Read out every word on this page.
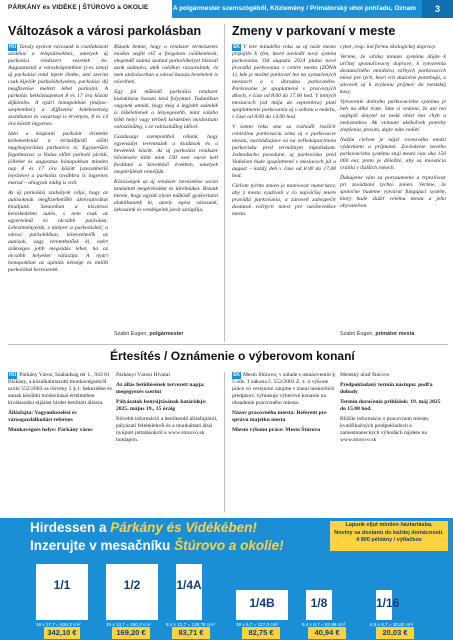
PÁRKÁNY és VIDÉKE | ŠTÚROVO a OKOLIE	A polgármester szemszögéből, Közlemény / Primátorský uhol pohľadu, Oznam	3
Változások a városi parkolásban

HU Tavaly nyáron városunk is csatlakozott azokhoz a településekhez, amelyek új parkolási rendszert vezettek be. Augusztustól a városközpontban (i-es zóna) új parkolási rend lépett életbe, ami szerint csak kijelölt parkolóhelyeken, parkolási díj megfizetése mellett lehet parkolni. A parkolás hétköznapokon 8 és 17 óra között díjköteles. A nyári hónapokban (május–szeptember) a díjfizetési kötelezettség szombaton és vasárnap is érvényes, 8 és 14 óra között ingyenes.

Idén a központi parkolót érintette kellemetlenül a termálfürdő előtti nagykapacitású parkolóra is. Egyszerűen fogalmazva: a Vadas előtti parkoló járóút, jóllehet és augusztus hónapokban minden nap 8 és 17 óra között (szezonberlő lejelzése) a parkolás továbbra is ingyenes marad – ahogyan eddig is volt.

Az új parkolási szabályok célja, hogy az autósoknak megfizethetőbb alternatívákat kínáljunk. Szezonban a kisvárosi kereskedelmi autós, s nem csak az egyértelmű és olcsóbb parkolást. Létesítményeink, s kilépve a parkolásból, a városi parkolókban, kinevezhetők az autósok, vagy teremthetőek ki, ezért szükséges jobb megoldás lehet, ha az olcsóbb helyeket választja. A nyári hónapokban az ajánlás kétsége és mitőtt parkolókat keressenek.

Bízunk benne, hogy a rendszer természetes módon segíti elő a forgalom csökkentését, elegendő számú szabad parkolóhelyet biztosít azok számára, akik valóban rászorulnak, és nem utolsósorban a városi kassza bevételeit is növelheti.

Egy jól működő parkolási rendszer kialakítása hosszú távú folyamat. Tudatában vagyunk annak, hogy még a legjobb szándék is tökéletlenek a lényegesebb, mint valaha több helyi vagy térbeli kérdésben módosítani valószínűleg, s ez valószínűleg idővel.

Gazdasági szempontból célunk, hogy egyensúlyt teremtsünk a kiadások és a bevételek között. Az új parkolási rendszer bővítésére több mint 150 ezer eurót kell fordítani a következő években, amelyek megtérülését reméljük.

Közösségek az új rendszer bevezetése során tanúsított megértésüket és türelmüket. Bízunk benne, hogy együtt olyan működő gyakorlatot alakíthatunk ki, amely egész városunk, lakosaink és vendégeink javát szolgálja.

Szabó Eugen, polgármester
Zmeny v parkovaní v meste

SK V lete minulého roka sa aj naše mesto pripojilo k tým, ktoré zaviedli nový systém parkovania. Od augusta 2024 platia nové pravidlá parkovania v centre mesta (ZÓNA 1), kde je možné parkovať len na vyznačených miestach a s úhradou parkovného. Parkovanie je spoplatnené v pracovných dňoch, v čase od 8.00 do 17.00 hod. V letných mesiacoch (od mája do septembra) platí spoplatnenie parkovania aj v sobotu a nedeľu, v čase od 8.00 do 14.00 hod.

V tomto roku sme sa rozhodli rozšíriť centrálnu parkovaciu zónu aj o parkovacie miesta, nachádzajúce sa na veľkokapacitnom parkovisku pred termálnym kúpaliskom. Jednoducho povedané, aj parkovisko pred Vadašom bude spoplatnené v mesiacoch júl a august – každý deň v čase od 8.00 do 17.00 hod.

Cieľom týchto zmien je motivovať motoristov, aby z mesta využívali v čo najväčšej miere pravidlá parkovania, a zároveň zabezpečiť dostatok voľných miest pre návštevníkov mesta.

cykel, resp. iná forma ekologickej dopravy.

Veríme, že vďaka tomuto systému dôjde k určitej spomaľovacej doprave, k vytvoreniu dostatočného množstva voľných parkovacích miest pre tých, ktorí ich skutočne potrebujú, a zároveň aj k zvýšeniu príjmov do mestskej kasy.

Vytvorenie dobrého parkovacieho systému je beh na dlhé trate. Sme si vedomí, že ani ten najlepší úmysel sa nedá obísť bez chýb a nedostatkov. Ak vnímate akékoľvek potreby zlepšenia, prosím, dajte nám vedieť.

Naším cieľom je nájsť rovnováhu medzi výdavkami a príjmami. Zaviedenie nového parkovacieho systému stojí mesto viac ako 150 000 eur, preto je dôležité, aby sa investícia vrátila v ďalších rokoch.

Ďakujeme vám za porozumenie a trpezlivosť pri zavádzaní týchto zmien. Veríme, že spoločne budeme vytvárať fungujúci systém, ktorý bude slúžiť celému mestu a jeho obyvateľom.

Szabó Eugen, primátor mesta
Értesítés / Oznámenie o výberovom konaní

HU Párkány Város, Szabadság tér 1., 943 01 Párkány, a közalkalmazotti munkavégzésről szóló 552/2003-as törvény 5 § 1. bekezdése és annak későbbi módosításai értelmében kiválasztási eljárást hirdet betöltött állásra.

Állásfajta: Vagyonkezelési és városgazdálkodási referens

Munkavégzés helye: Párkány város

Párkányi Városi Hivatal

Az állás betöltésének tervezett napja: megegyezés szerint

Pályázatok benyújtásának határideje: 2025. május 19., 15 óráig

Bővebb információ a betöltendő állásfajtáról, pályázati feltételekről és a munkáltató által nyújtott juttatásokról a www.sturovo.sk honlapon.

SK Mesto Štúrovo, v súlade s ustanovením § 5 ods. 1 zákona č. 552/2003 Z. z. o výkone práce vo verejnom záujme v znení neskorších predpisov, vyhlasuje výberové konanie na obsadenie pracovného miesta.

Názov pracovného miesta: Referent pre správu majetku mesta

Miesto výkonu práce: Mesto Štúrovo

Mestský úrad Štúrovo

Predpokladaný termín nástupu: podľa dohody

Termín doručenia prihlášok: 19. máj 2025 do 15.00 hod.

Bližšie informácie o pracovnom mieste, kvalifikačných predpokladoch a zamestnaneckých výhodách nájdete na www.sturovo.sk

Hirdessen a Párkány és Vidékében!
Inzerujte v mesačníku Štúrovo a okolie!
Lapunk eljut minden háztartásba.
Noviny sa dostanú do každej domácnosti.
4 800 példány / výtlačkov
1/1
19 x 27,7 = 526,3 cm²
342,10 €
1/2
19 x 13,7 = 260,3 cm²
169,20 €
1/4A
9,4 x 13,7 = 128,78 cm²
83,71 €
1/4B
19 x 6,7 = 127,3 cm²
82,75 €
1/8
9,4 x 6,7 = 62,98 cm²
40,94 €
1/16
4,6 x 6,7 = 30,82 cm²
20,03 €
